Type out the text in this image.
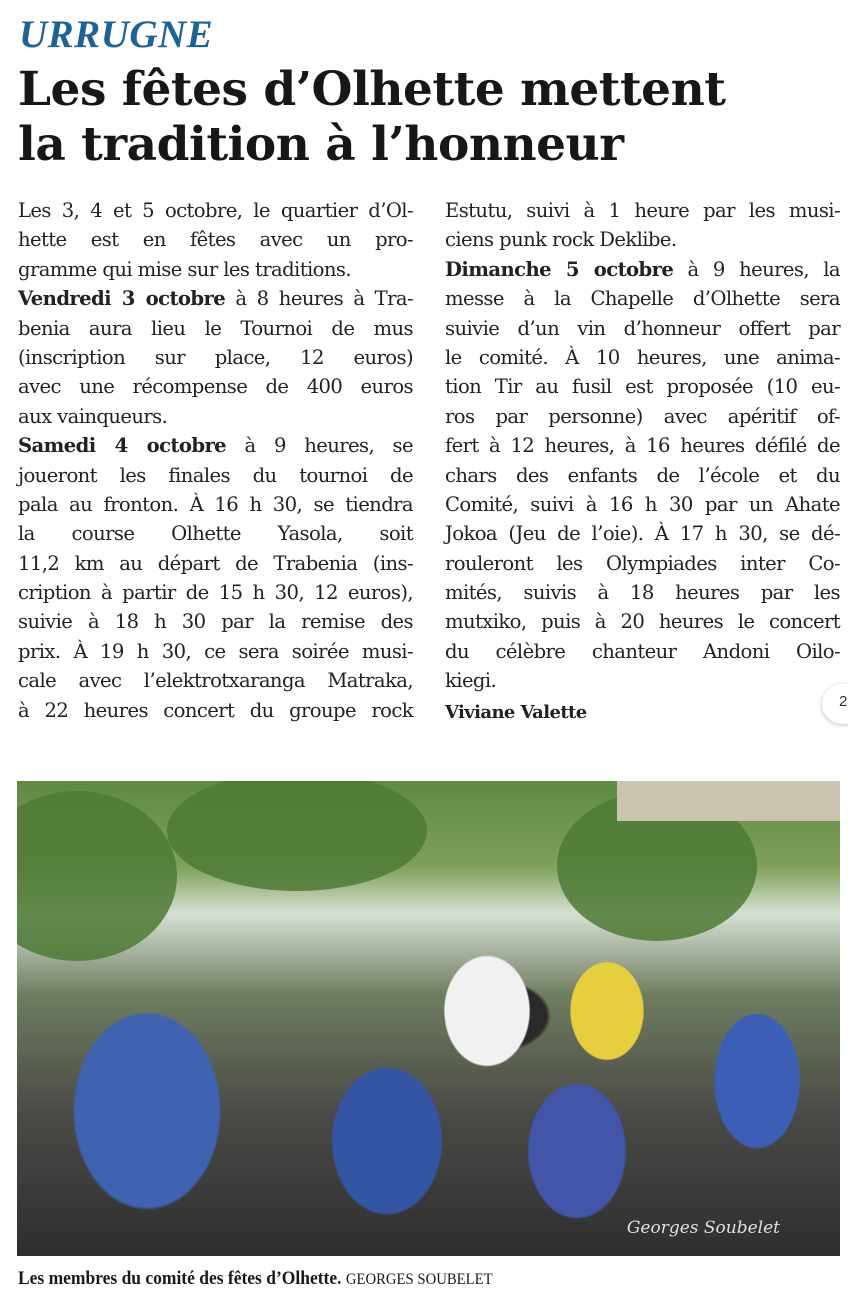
URRUGNE
Les fêtes d’Olhette mettent
la tradition à l’honneur
Les 3, 4 et 5 octobre, le quartier d’Ol-
hette est en fêtes avec un pro-
gramme qui mise sur les traditions.
Vendredi 3 octobre à 8 heures à Tra-
benia aura lieu le Tournoi de mus
(inscription sur place, 12 euros)
avec une récompense de 400 euros
aux vainqueurs.
Samedi 4 octobre à 9 heures, se
joueront les finales du tournoi de
pala au fronton. À 16 h 30, se tiendra
la course Olhette Yasola, soit
11,2 km au départ de Trabenia (ins-
cription à partir de 15 h 30, 12 euros),
suivie à 18 h 30 par la remise des
prix. À 19 h 30, ce sera soirée musi-
cale avec l’elektrotxaranga Matraka,
à 22 heures concert du groupe rock
Estutu, suivi à 1 heure par les musi-
ciens punk rock Deklibe.
Dimanche 5 octobre à 9 heures, la
messe à la Chapelle d’Olhette sera
suivie d’un vin d’honneur offert par
le comité. À 10 heures, une anima-
tion Tir au fusil est proposée (10 eu-
ros par personne) avec apéritif of-
fert à 12 heures, à 16 heures défilé de
chars des enfants de l’école et du
Comité, suivi à 16 h 30 par un Ahate
Jokoa (Jeu de l’oie). À 17 h 30, se dé-
rouleront les Olympiades inter Co-
mités, suivis à 18 heures par les
mutxiko, puis à 20 heures le concert
du célèbre chanteur Andoni Oilo-
kiegi.
Viviane Valette
2
Georges Soubelet
Les membres du comité des fêtes d’Olhette. GEORGES SOUBELET
